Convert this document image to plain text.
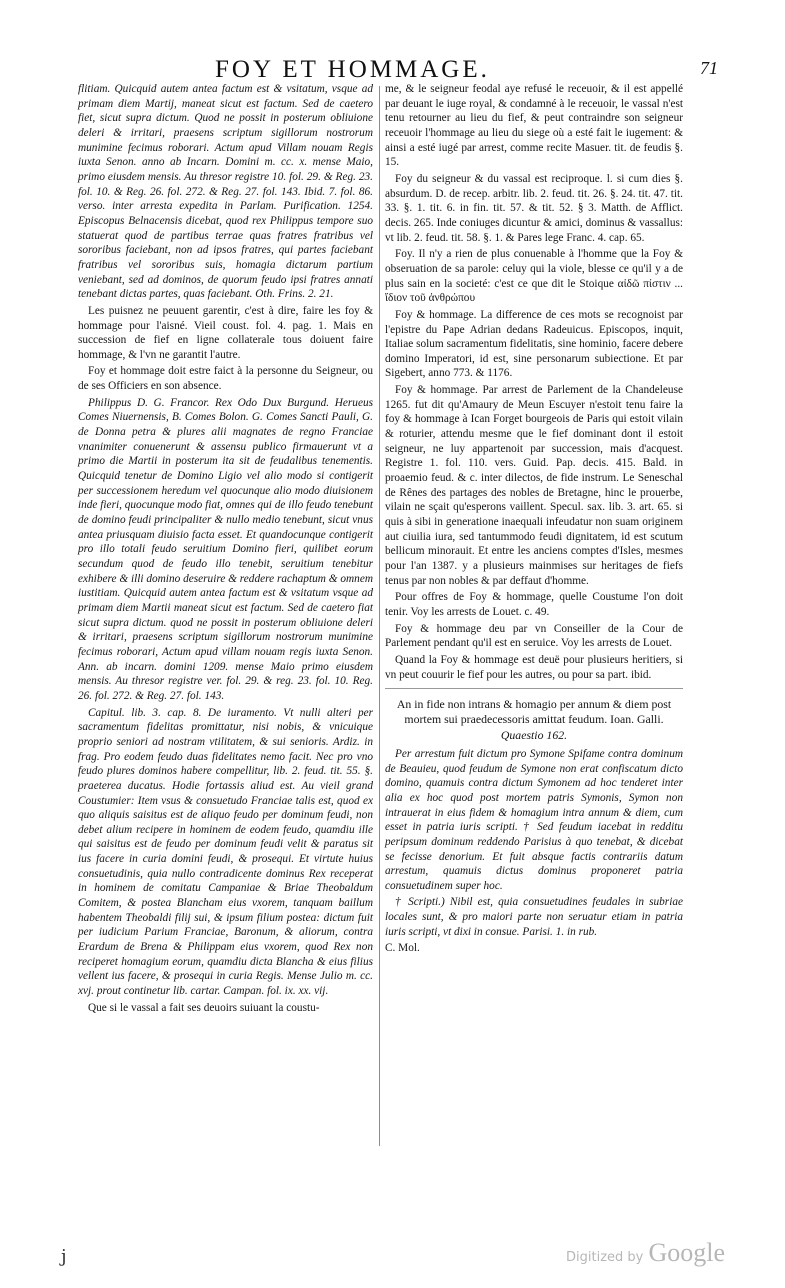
FOY ET HOMMAGE.	71

flitiam. Quicquid autem antea factum est & vsitatum, vsque ad primam diem Martij, maneat sicut est factum. Sed de caetero fiet, sicut supra dictum. Quod ne possit in posterum obliuione deleri & irritari, praesens scriptum sigillorum nostrorum munimine fecimus roborari. Actum apud Villam nouam Regis iuxta Senon. anno ab Incarn. Domini m. cc. x. mense Maio, primo eiusdem mensis. Au thresor registre 10. fol. 29. & Reg. 23. fol. 10. & Reg. 26. fol. 272. & Reg. 27. fol. 143. Ibid. 7. fol. 86. verso. inter arresta expedita in Parlam. Purification. 1254. Episcopus Belnacensis dicebat, quod rex Philippus tempore suo statuerat quod de partibus terrae quas fratres fratribus vel sororibus faciebant, non ad ipsos fratres, qui partes faciebant fratribus vel sororibus suis, homagia dictarum partium veniebant, sed ad dominos, de quorum feudo ipsi fratres annati tenebant dictas partes, quas faciebant. Oth. Frins. 2. 21.

Les puisnez ne peuuent garentir, c'est à dire, faire les foy & hommage pour l'aisné. Vieil coust. fol. 4. pag. 1. Mais en succession de fief en ligne collaterale tous doiuent faire hommage, & l'vn ne garantit l'autre.

Foy et hommage doit estre faict à la personne du Seigneur, ou de ses Officiers en son absence.

Philippus D. G. Francor. Rex Odo Dux Burgund. Herueus Comes Niuernensis, B. Comes Bolon. G. Comes Sancti Pauli, G. de Donna petra & plures alii magnates de regno Franciae vnanimiter conuenerunt & assensu publico firmauerunt vt a primo die Martii in posterum ita sit de feudalibus tenementis. Quicquid tenetur de Domino Ligio vel alio modo si contigerit per successionem heredum vel quocunque alio modo diuisionem inde fieri, quocunque modo fiat, omnes qui de illo feudo tenebunt de domino feudi principaliter & nullo medio tenebunt, sicut vnus antea priusquam diuisio facta esset. Et quandocunque contigerit pro illo totali feudo seruitium Domino fieri, quilibet eorum secundum quod de feudo illo tenebit, seruitium tenebitur exhibere & illi domino deseruire & reddere rachaptum & omnem iustitiam. Quicquid autem antea factum est & vsitatum vsque ad primam diem Martii maneat sicut est factum. Sed de caetero fiat sicut supra dictum. quod ne possit in posterum obliuione deleri & irritari, praesens scriptum sigillorum nostrorum munimine fecimus roborari, Actum apud villam nouam regis iuxta Senon. Ann. ab incarn. domini 1209. mense Maio primo eiusdem mensis. Au thresor registre ver. fol. 29. & reg. 23. fol. 10. Reg. 26. fol. 272. & Reg. 27. fol. 143.

Capitul. lib. 3. cap. 8. De iuramento. Vt nulli alteri per sacramentum fidelitas promittatur, nisi nobis, & vnicuique proprio seniori ad nostram vtilitatem, & sui senioris. Ardiz. in frag. Pro eodem feudo duas fidelitates nemo facit. Nec pro vno feudo plures dominos habere compellitur, lib. 2. feud. tit. 55. §. praeterea ducatus. Hodie fortassis aliud est. Au vieil grand Coustumier: Item vsus & consuetudo Franciae talis est, quod ex quo aliquis saisitus est de aliquo feudo per dominum feudi, non debet alium recipere in hominem de eodem feudo, quamdiu ille qui saisitus est de feudo per dominum feudi velit & paratus sit ius facere in curia domini feudi, & prosequi. Et virtute huius consuetudinis, quia nullo contradicente dominus Rex receperat in hominem de comitatu Campaniae & Briae Theobaldum Comitem, & postea Blancham eius vxorem, tanquam baillum habentem Theobaldi filij sui, & ipsum filium postea: dictum fuit per iudicium Parium Franciae, Baronum, & aliorum, contra Erardum de Brena & Philippam eius vxorem, quod Rex non reciperet homagium eorum, quamdiu dicta Blancha & eius filius vellent ius facere, & prosequi in curia Regis. Mense Julio m. cc. xvj. prout continetur lib. cartar. Campan. fol. ix. xx. vij.

Que si le vassal a fait ses deuoirs suiuant la coustu-

me, & le seigneur feodal aye refusé le receuoir, & il est appellé par deuant le iuge royal, & condamné à le receuoir, le vassal n'est tenu retourner au lieu du fief, & peut contraindre son seigneur receuoir l'hommage au lieu du siege où a esté fait le iugement: & ainsi a esté iugé par arrest, comme recite Masuer. tit. de feudis §. 15.

Foy du seigneur & du vassal est reciproque. l. si cum dies §. absurdum. D. de recep. arbitr. lib. 2. feud. tit. 26. §. 24. tit. 47. tit. 33. §. 1. tit. 6. in fin. tit. 57. & tit. 52. § 3. Matth. de Afflict. decis. 265. Inde coniuges dicuntur & amici, dominus & vassallus: vt lib. 2. feud. tit. 58. §. 1. & Pares lege Franc. 4. cap. 65.

Foy. Il n'y a rien de plus conuenable à l'homme que la Foy & obseruation de sa parole: celuy qui la viole, blesse ce qu'il y a de plus sain en la societé: c'est ce que dit le Stoique αἰδῶ πίστιν ... ἴδιον τοῦ ἀνθρώπου

Foy & hommage. La difference de ces mots se recognoist par l'epistre du Pape Adrian dedans Radeuicus. Episcopos, inquit, Italiae solum sacramentum fidelitatis, sine hominio, facere debere domino Imperatori, id est, sine personarum subiectione. Et par Sigebert, anno 773. & 1176.

Foy & hommage. Par arrest de Parlement de la Chandeleuse 1265. fut dit qu'Amaury de Meun Escuyer n'estoit tenu faire la foy & hommage à Ican Forget bourgeois de Paris qui estoit vilain & roturier, attendu mesme que le fief dominant dont il estoit seigneur, ne luy appartenoit par succession, mais d'acquest. Registre 1. fol. 110. vers. Guid. Pap. decis. 415. Bald. in proaemio feud. & c. inter dilectos, de fide instrum. Le Seneschal de Rênes des partages des nobles de Bretagne, hinc le prouerbe, vilain ne sçait qu'esperons vaillent. Specul. sax. lib. 3. art. 65. si quis à sibi in generatione inaequali infeudatur non suam originem aut ciuilia iura, sed tantummodo feudi dignitatem, id est scutum bellicum minorauit. Et entre les anciens comptes d'Isles, mesmes pour l'an 1387. y a plusieurs mainmises sur heritages de fiefs tenus par non nobles & par deffaut d'homme.

Pour offres de Foy & hommage, quelle Coustume l'on doit tenir. Voy les arrests de Louet. c. 49.

Foy & hommage deu par vn Conseiller de la Cour de Parlement pendant qu'il est en seruice. Voy les arrests de Louet.

Quand la Foy & hommage est deuë pour plusieurs heritiers, si vn peut couurir le fief pour les autres, ou pour sa part. ibid.

An in fide non intrans & homagio per annum & diem post mortem sui praedecessoris amittat feudum. Ioan. Galli.
Quaestio 162.

Per arrestum fuit dictum pro Symone Spifame contra dominum de Beauieu, quod feudum de Symone non erat confiscatum dicto domino, quamuis contra dictum Symonem ad hoc tenderet inter alia ex hoc quod post mortem patris Symonis, Symon non intrauerat in eius fidem & homagium intra annum & diem, cum esset in patria iuris scripti. † Sed feudum iacebat in redditu peripsum dominum reddendo Parisius à quo tenebat, & dicebat se fecisse denorium. Et fuit absque factis contrariis datum arrestum, quamuis dictus dominus proponeret patria consuetudinem super hoc.

† Scripti.) Nibil est, quia consuetudines feudales in subriae locales sunt, & pro maiori parte non seruatur etiam in patria iuris scripti, vt dixi in consue. Parisi. 1. in rub.

C. Mol.
j	Digitized by Google
